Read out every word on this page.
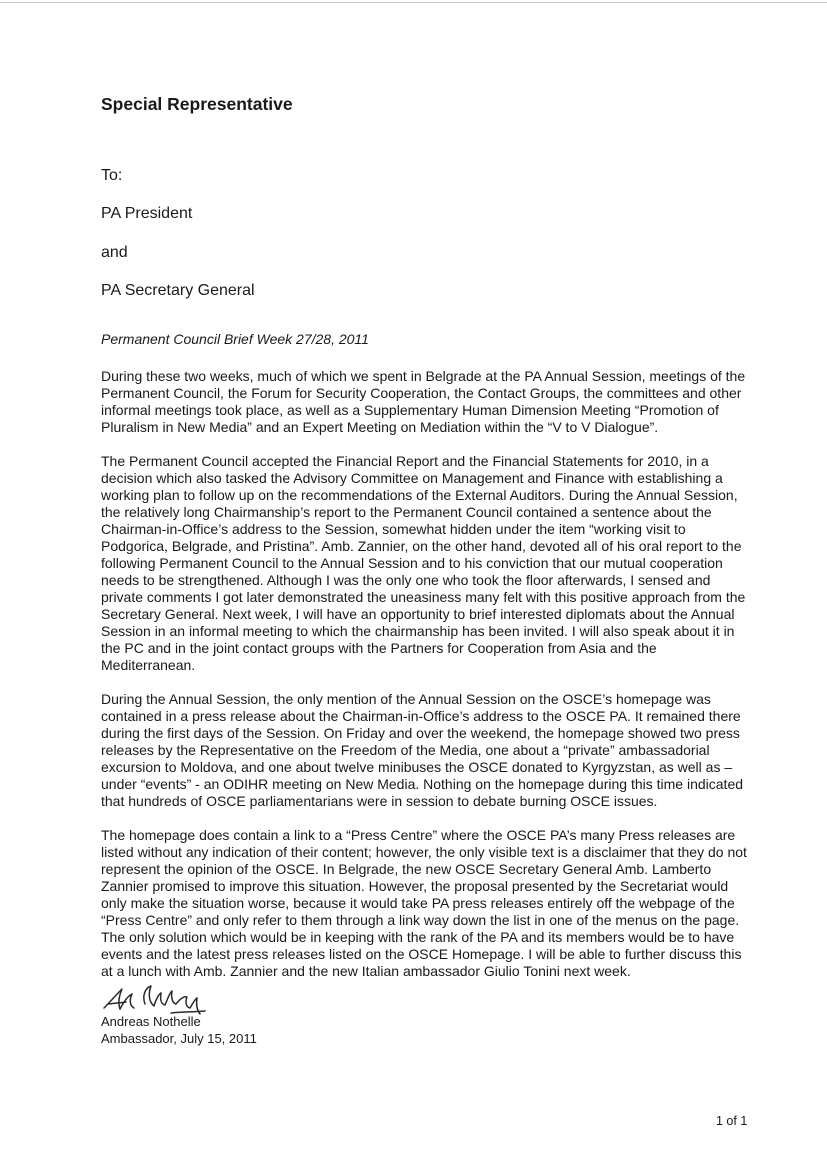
Special Representative

To:

PA President

and

PA Secretary General

Permanent Council Brief Week 27/28, 2011

During these two weeks, much of which we spent in Belgrade at the PA Annual Session, meetings of the Permanent Council, the Forum for Security Cooperation, the Contact Groups, the committees and other informal meetings took place, as well as a Supplementary Human Dimension Meeting “Promotion of Pluralism in New Media” and an Expert Meeting on Mediation within the “V to V Dialogue”.

The Permanent Council accepted the Financial Report and the Financial Statements for 2010, in a decision which also tasked the Advisory Committee on Management and Finance with establishing a working plan to follow up on the recommendations of the External Auditors. During the Annual Session, the relatively long Chairmanship’s report to the Permanent Council contained a sentence about the Chairman-in-Office’s address to the Session, somewhat hidden under the item “working visit to Podgorica, Belgrade, and Pristina”. Amb. Zannier, on the other hand, devoted all of his oral report to the following Permanent Council to the Annual Session and to his conviction that our mutual cooperation needs to be strengthened. Although I was the only one who took the floor afterwards, I sensed and private comments I got later demonstrated the uneasiness many felt with this positive approach from the Secretary General. Next week, I will have an opportunity to brief interested diplomats about the Annual Session in an informal meeting to which the chairmanship has been invited. I will also speak about it in the PC and in the joint contact groups with the Partners for Cooperation from Asia and the Mediterranean.

During the Annual Session, the only mention of the Annual Session on the OSCE’s homepage was contained in a press release about the Chairman-in-Office’s address to the OSCE PA. It remained there during the first days of the Session. On Friday and over the weekend, the homepage showed two press releases by the Representative on the Freedom of the Media, one about a “private” ambassadorial excursion to Moldova, and one about twelve minibuses the OSCE donated to Kyrgyzstan, as well as – under “events” - an ODIHR meeting on New Media. Nothing on the homepage during this time indicated that hundreds of OSCE parliamentarians were in session to debate burning OSCE issues.

The homepage does contain a link to a “Press Centre” where the OSCE PA’s many Press releases are listed without any indication of their content; however, the only visible text is a disclaimer that they do not represent the opinion of the OSCE. In Belgrade, the new OSCE Secretary General Amb. Lamberto Zannier promised to improve this situation. However, the proposal presented by the Secretariat would only make the situation worse, because it would take PA press releases entirely off the webpage of the “Press Centre” and only refer to them through a link way down the list in one of the menus on the page. The only solution which would be in keeping with the rank of the PA and its members would be to have events and the latest press releases listed on the OSCE Homepage. I will be able to further discuss this at a lunch with Amb. Zannier and the new Italian ambassador Giulio Tonini next week.

Andreas Nothelle

Ambassador, July 15, 2011

1 of 1
